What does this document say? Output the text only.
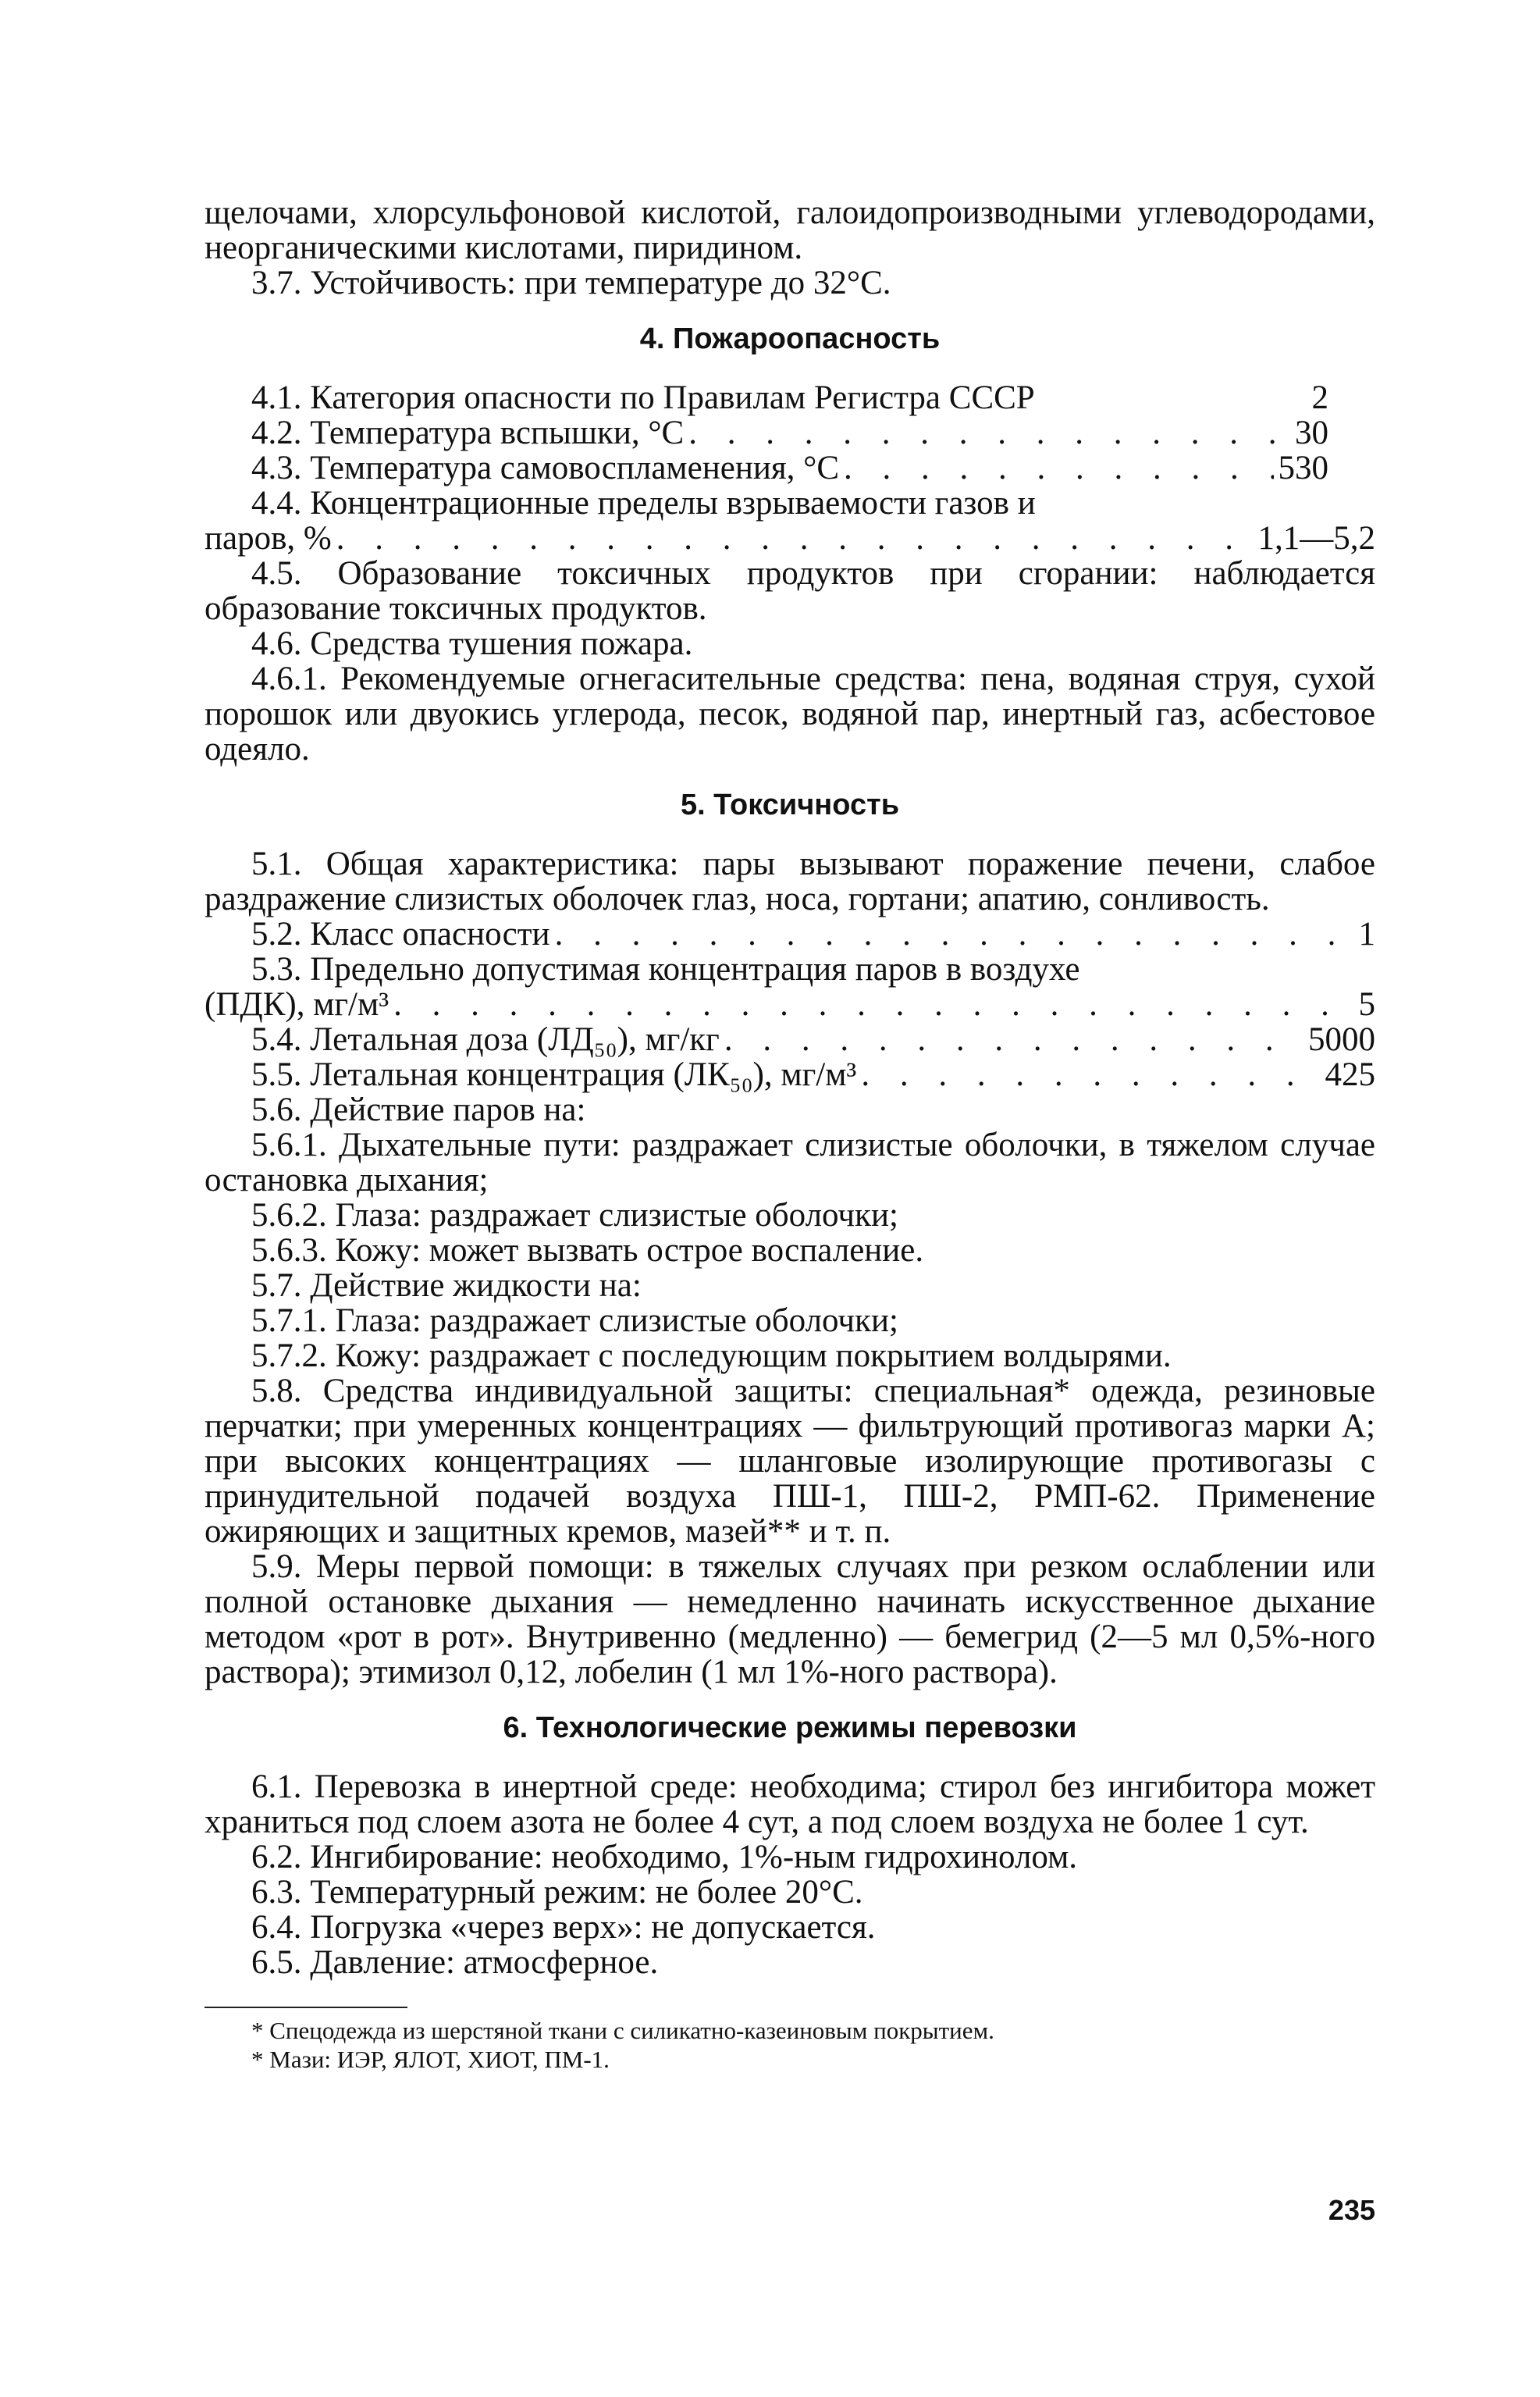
щелочами, хлорсульфоновой кислотой, галоидопроизводными углеводородами, неорганическими кислотами, пиридином.

3.7. Устойчивость: при температуре до 32°С.

4. Пожароопасность
4.1. Категория опасности по Правилам Регистра СССР	2
4.2. Температура вспышки, °С . . .	30
4.3. Температура самовоспламенения, °С . . .	530

4.4. Концентрационные пределы взрываемости газов и

паров, % . . .	1,1—5,2

4.5. Образование токсичных продуктов при сгорании: наблюдается образование токсичных продуктов.

4.6. Средства тушения пожара.

4.6.1. Рекомендуемые огнегасительные средства: пена, водяная струя, сухой порошок или двуокись углерода, песок, водяной пар, инертный газ, асбестовое одеяло.

5. Токсичность

5.1. Общая характеристика: пары вызывают поражение печени, слабое раздражение слизистых оболочек глаз, носа, гортани; апатию, сонливость.

5.2. Класс опасности . . .	1

5.3. Предельно допустимая концентрация паров в воздухе

(ПДК), мг/м³ . . .	5
5.4. Летальная доза (ЛД₅₀), мг/кг . . .	5000
5.5. Летальная концентрация (ЛК₅₀), мг/м³ . . .	425

5.6. Действие паров на:

5.6.1. Дыхательные пути: раздражает слизистые оболочки, в тяжелом случае остановка дыхания;

5.6.2. Глаза: раздражает слизистые оболочки;

5.6.3. Кожу: может вызвать острое воспаление.

5.7. Действие жидкости на:

5.7.1. Глаза: раздражает слизистые оболочки;

5.7.2. Кожу: раздражает с последующим покрытием волдырями.

5.8. Средства индивидуальной защиты: специальная* одежда, резиновые перчатки; при умеренных концентрациях — фильтрующий противогаз марки А; при высоких концентрациях — шланговые изолирующие противогазы с принудительной подачей воздуха ПШ-1, ПШ-2, РМП-62. Применение ожиряющих и защитных кремов, мазей** и т. п.

5.9. Меры первой помощи: в тяжелых случаях при резком ослаблении или полной остановке дыхания — немедленно начинать искусственное дыхание методом «рот в рот». Внутривенно (медленно) — бемегрид (2—5 мл 0,5%-ного раствора); этимизол 0,12, лобелин (1 мл 1%-ного раствора).

6. Технологические режимы перевозки

6.1. Перевозка в инертной среде: необходима; стирол без ингибитора может храниться под слоем азота не более 4 сут, а под слоем воздуха не более 1 сут.

6.2. Ингибирование: необходимо, 1%-ным гидрохинолом.

6.3. Температурный режим: не более 20°С.

6.4. Погрузка «через верх»: не допускается.

6.5. Давление: атмосферное.

* Спецодежда из шерстяной ткани с силикатно-казеиновым покрытием.

* Мази: ИЭР, ЯЛОТ, ХИОТ, ПМ-1.

235
